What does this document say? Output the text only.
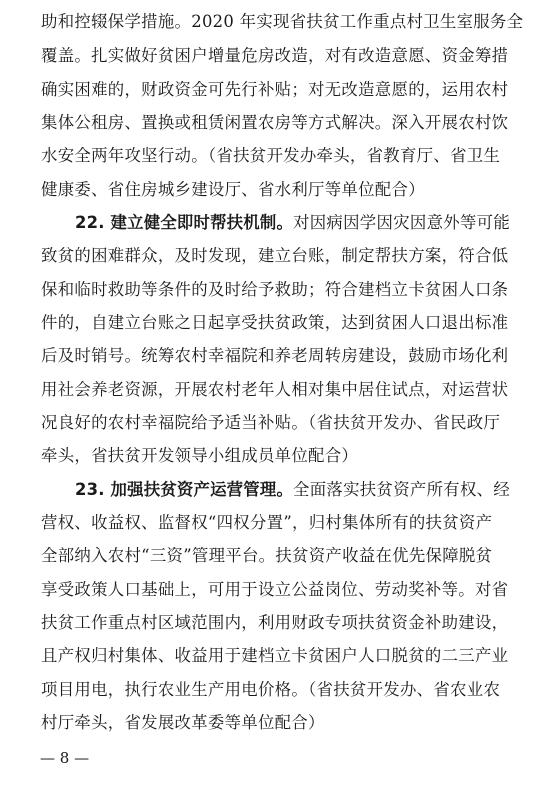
助和控辍保学措施。2020 年实现省扶贫工作重点村卫生室服务全
覆盖。扎实做好贫困户增量危房改造，对有改造意愿、资金筹措
确实困难的，财政资金可先行补贴；对无改造意愿的，运用农村
集体公租房、置换或租赁闲置农房等方式解决。深入开展农村饮
水安全两年攻坚行动。（省扶贫开发办牵头，省教育厅、省卫生
健康委、省住房城乡建设厅、省水利厅等单位配合）
22. 建立健全即时帮扶机制。对因病因学因灾因意外等可能
致贫的困难群众，及时发现，建立台账，制定帮扶方案，符合低
保和临时救助等条件的及时给予救助；符合建档立卡贫困人口条
件的，自建立台账之日起享受扶贫政策，达到贫困人口退出标准
后及时销号。统筹农村幸福院和养老周转房建设，鼓励市场化利
用社会养老资源，开展农村老年人相对集中居住试点，对运营状
况良好的农村幸福院给予适当补贴。（省扶贫开发办、省民政厅
牵头，省扶贫开发领导小组成员单位配合）
23. 加强扶贫资产运营管理。全面落实扶贫资产所有权、经
营权、收益权、监督权“四权分置”，归村集体所有的扶贫资产
全部纳入农村“三资”管理平台。扶贫资产收益在优先保障脱贫
享受政策人口基础上，可用于设立公益岗位、劳动奖补等。对省
扶贫工作重点村区域范围内，利用财政专项扶贫资金补助建设，
且产权归村集体、收益用于建档立卡贫困户人口脱贫的二三产业
项目用电，执行农业生产用电价格。（省扶贫开发办、省农业农
村厅牵头，省发展改革委等单位配合）
— 8 —
